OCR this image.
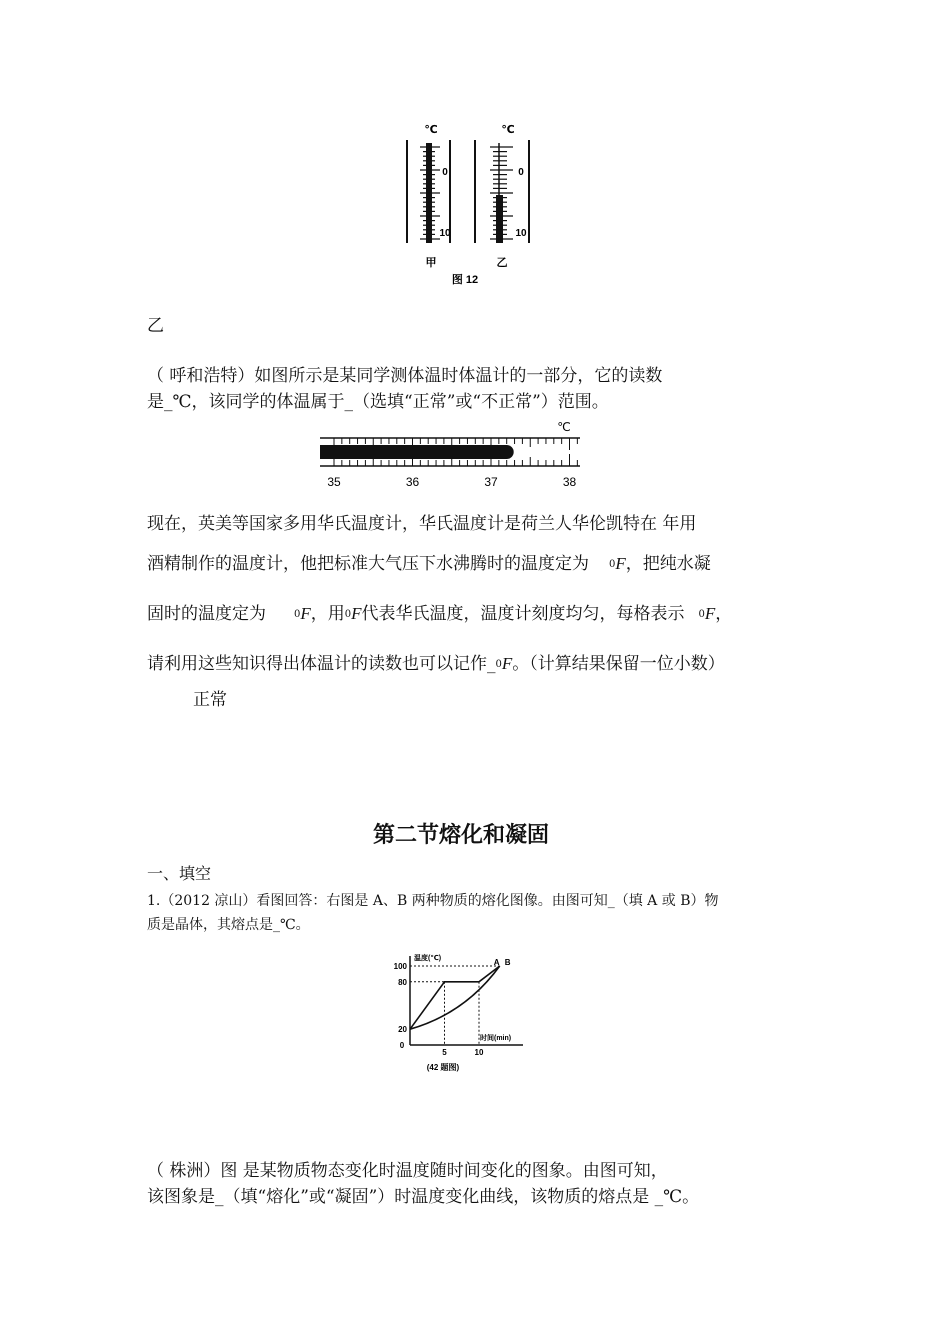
℃
0
10
甲
℃
0
10
乙
图 12
乙
（ 呼和浩特）如图所示是某同学测体温时体温计的一部分，它的读数
是_℃，该同学的体温属于_（选填“正常”或“不正常”）范围。
℃
35	36	37	38
现在，英美等国家多用华氏温度计，华氏温度计是荷兰人华伦凯特在 年用
酒精制作的温度计，他把标准大气压下水沸腾时的温度定为 0F，把纯水凝
固时的温度定为	0F，用0F代表华氏温度，温度计刻度均匀，每格表示 0F，
请利用这些知识得出体温计的读数也可以记作_0F。（计算结果保留一位小数）
正常
第二节熔化和凝固
一、填空
1.（2012 凉山）看图回答：右图是 A、B 两种物质的熔化图像。由图可知_（填 A 或 B）物
质是晶体，其熔点是_℃。
A B
100
80
20
0
5	10
温度(℃)
时间(min)
(42 题图)
（ 株洲）图 是某物质物态变化时温度随时间变化的图象。由图可知，
该图象是_（填“熔化”或“凝固”）时温度变化曲线，该物质的熔点是 _℃。
